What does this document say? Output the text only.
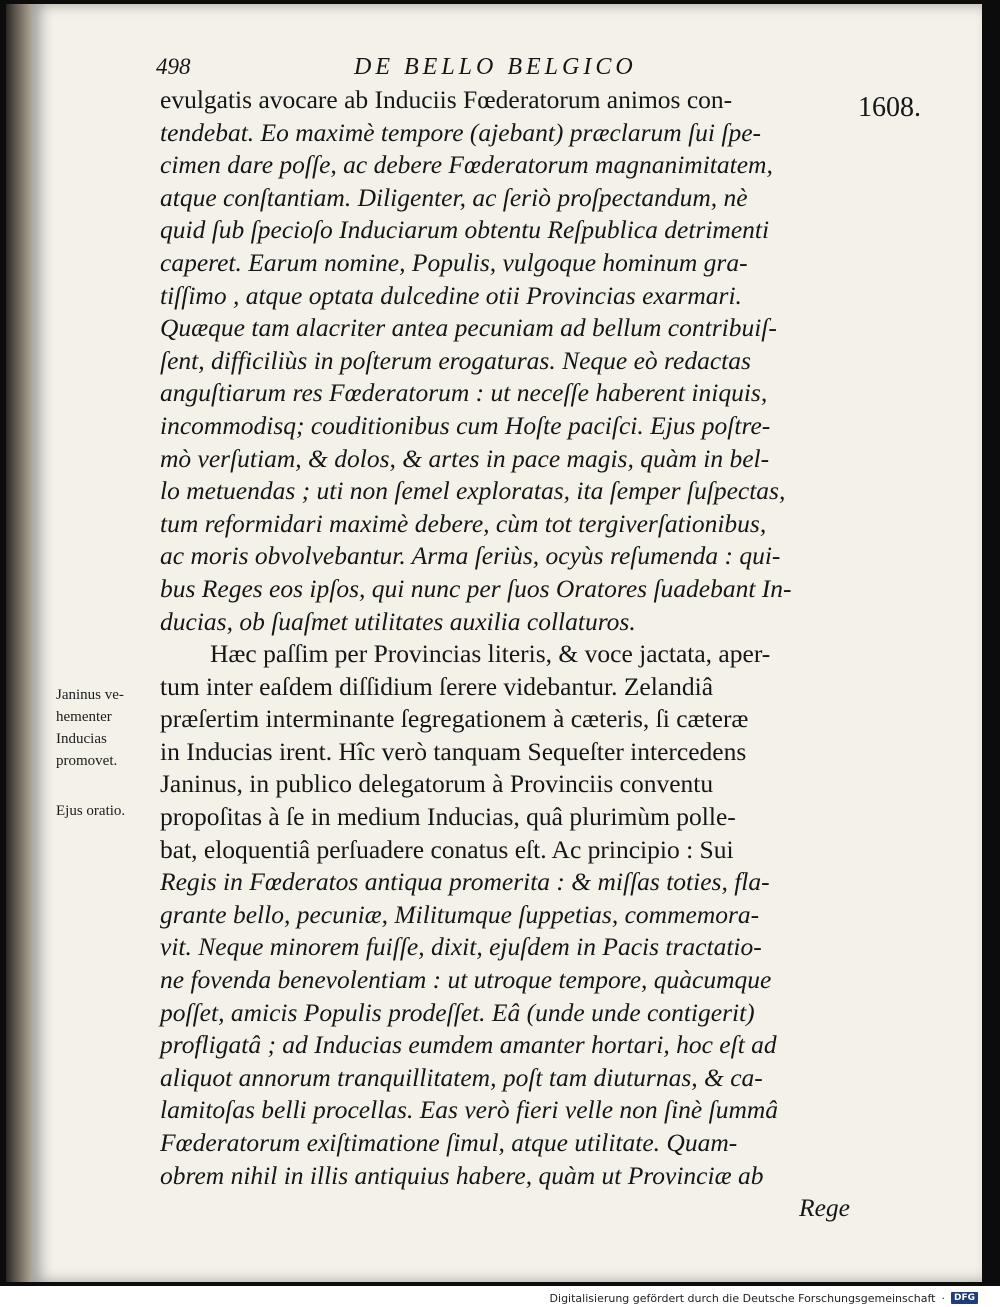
498	DE BELLO BELGICO
1608.
evulgatis avocare ab Induciis Fœderatorum animos con-
tendebat. Eo maximè tempore (ajebant) præclarum ſui ſpe-
cimen dare poſſe, ac debere Fœderatorum magnanimitatem,
atque conſtantiam. Diligenter, ac ſeriò proſpectandum, nè
quid ſub ſpecioſo Induciarum obtentu Reſpublica detrimenti
caperet. Earum nomine, Populis, vulgoque hominum gra-
tiſſimo , atque optata dulcedine otii Provincias exarmari.
Quæque tam alacriter antea pecuniam ad bellum contribuiſ-
ſent, difficiliùs in poſterum erogaturas. Neque eò redactas
anguſtiarum res Fœderatorum : ut neceſſe haberent iniquis,
incommodisq; couditionibus cum Hoſte paciſci. Ejus poſtre-
mò verſutiam, & dolos, & artes in pace magis, quàm in bel-
lo metuendas ; uti non ſemel exploratas, ita ſemper ſuſpectas,
tum reformidari maximè debere, cùm tot tergiverſationibus,
ac moris obvolvebantur. Arma ſeriùs, ocyùs reſumenda : qui-
bus Reges eos ipſos, qui nunc per ſuos Oratores ſuadebant In-
ducias, ob ſuaſmet utilitates auxilia collaturos.
Hæc paſſim per Provincias literis, & voce jactata, aper-
tum inter eaſdem diſſidium ſerere videbantur. Zelandiâ
præſertim interminante ſegregationem à cæteris, ſi cæteræ
in Inducias irent. Hîc verò tanquam Sequeſter intercedens
Janinus, in publico delegatorum à Provinciis conventu
propoſitas à ſe in medium Inducias, quâ plurimùm polle-
bat, eloquentiâ perſuadere conatus eſt. Ac principio : Sui
Regis in Fœderatos antiqua promerita : & miſſas toties, fla-
grante bello, pecuniæ, Militumque ſuppetias, commemora-
vit. Neque minorem fuiſſe, dixit, ejuſdem in Pacis tractatio-
ne fovenda benevolentiam : ut utroque tempore, quàcumque
poſſet, amicis Populis prodeſſet. Eâ (unde unde contigerit)
profligatâ ; ad Inducias eumdem amanter hortari, hoc eſt ad
aliquot annorum tranquillitatem, poſt tam diuturnas, & ca-
lamitoſas belli procellas. Eas verò fieri velle non ſinè ſummâ
Fœderatorum exiſtimatione ſimul, atque utilitate. Quam-
obrem nihil in illis antiquius habere, quàm ut Provinciæ ab
Rege
Janinus ve-
hementer
Inducias
promovet.
Ejus oratio.
Digitalisierung gefördert durch die Deutsche Forschungsgemeinschaft ·	DFG
